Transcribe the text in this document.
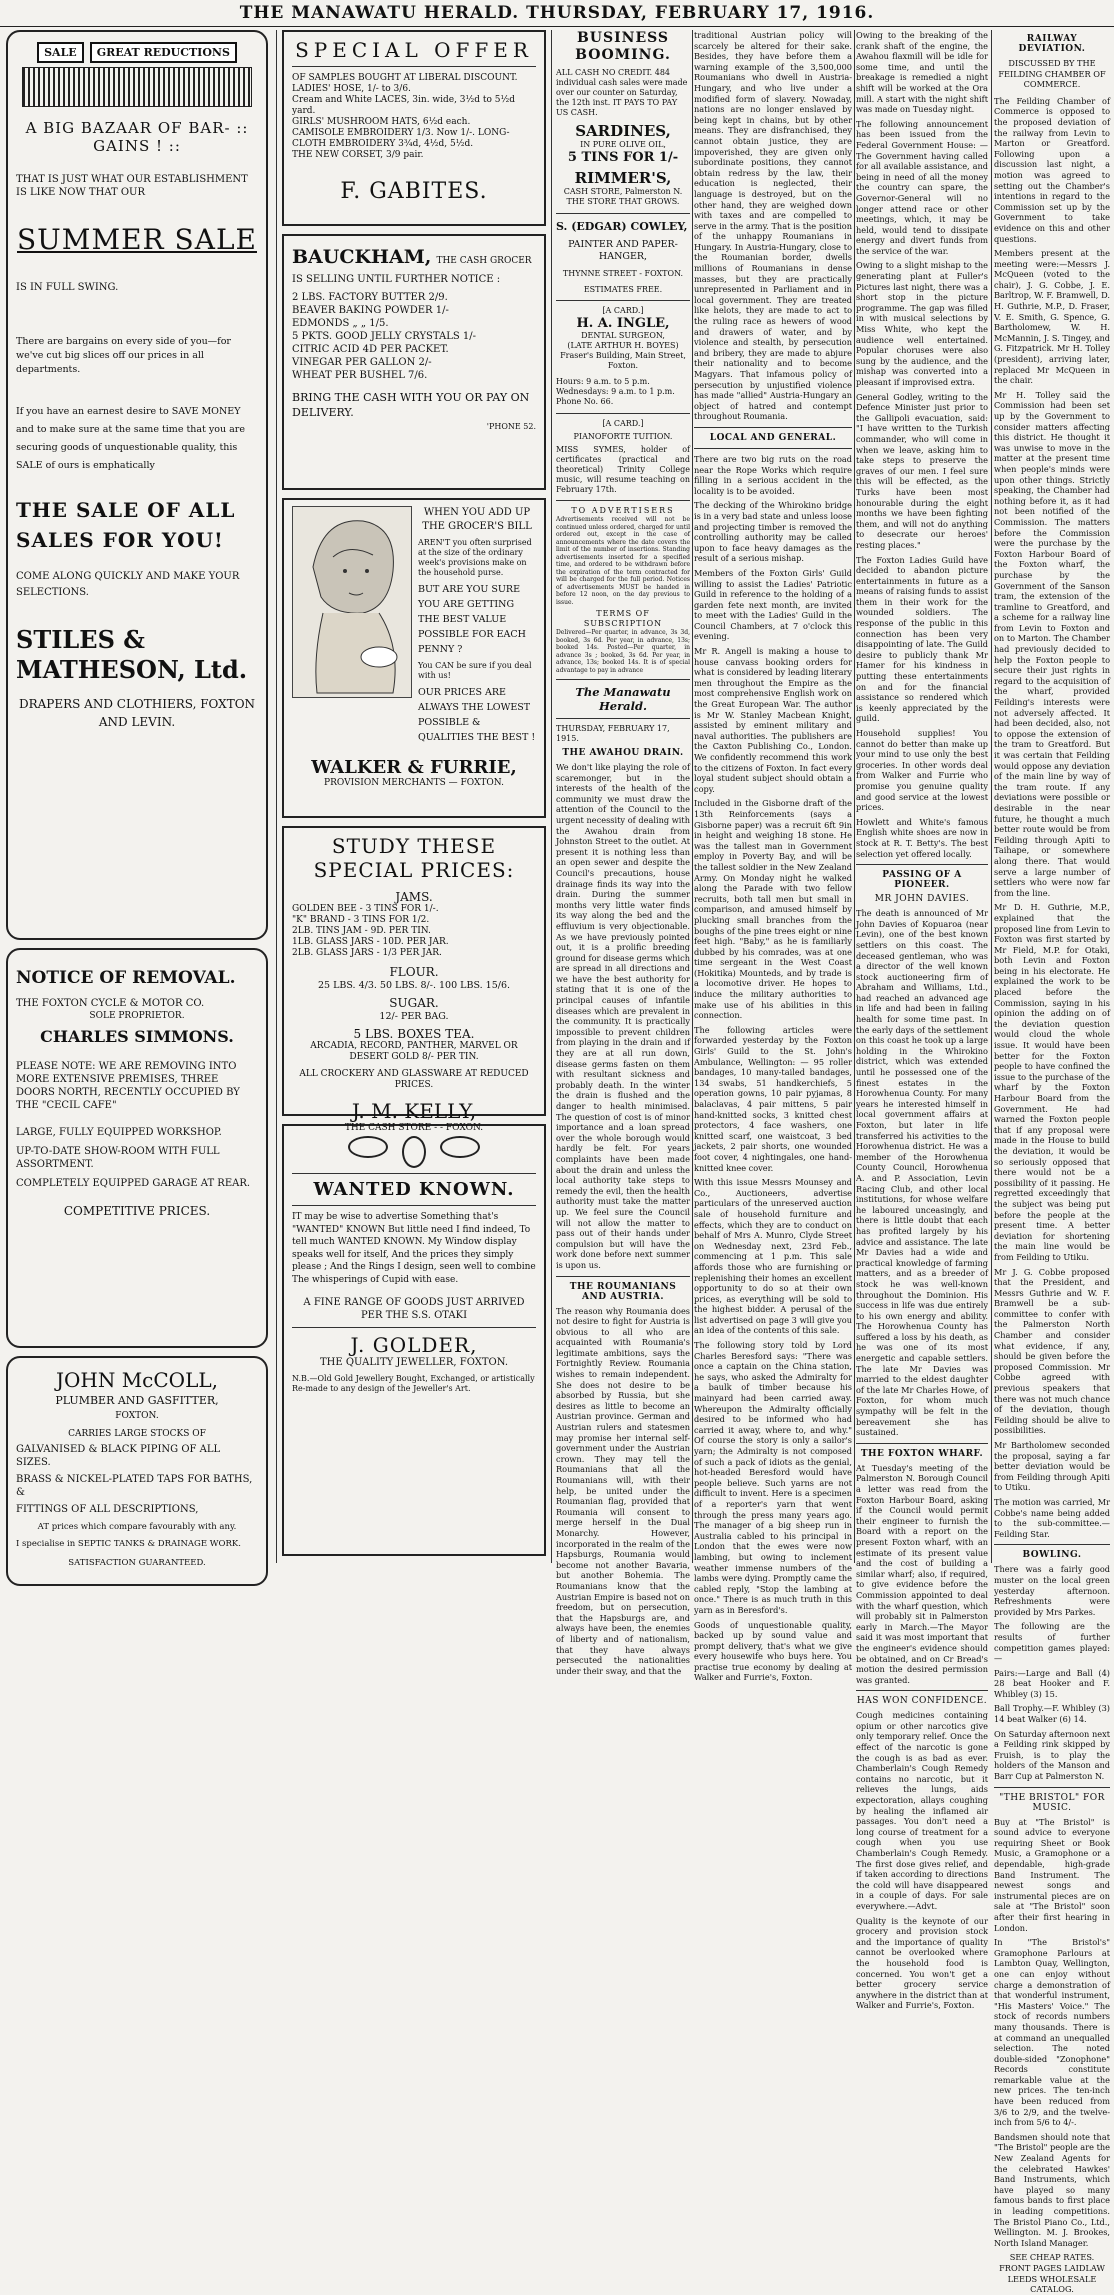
THE MANAWATU HERALD. THURSDAY, FEBRUARY 17, 1916.
SALE	GREAT REDUCTIONS
A BIG BAZAAR OF BAR- :: GAINS ! ::
THAT IS JUST WHAT OUR ESTABLISHMENT IS LIKE NOW THAT OUR
SUMMER SALE
IS IN FULL SWING.
There are bargains on every side of you—for we've cut big slices off our prices in all departments.
If you have an earnest desire to SAVE MONEY and to make sure at the same time that you are securing goods of unquestionable quality, this SALE of ours is emphatically
THE SALE OF ALL SALES FOR YOU!
COME ALONG QUICKLY AND MAKE YOUR SELECTIONS.
STILES & MATHESON, Ltd.
DRAPERS AND CLOTHIERS, FOXTON AND LEVIN.
NOTICE OF REMOVAL.
THE FOXTON CYCLE & MOTOR CO.
SOLE PROPRIETOR.
CHARLES SIMMONS.
PLEASE NOTE: WE ARE REMOVING INTO MORE EXTENSIVE PREMISES, THREE DOORS NORTH, RECENTLY OCCUPIED BY THE "CECIL CAFE"
LARGE, FULLY EQUIPPED WORKSHOP.
UP-TO-DATE SHOW-ROOM WITH FULL ASSORTMENT.
COMPLETELY EQUIPPED GARAGE AT REAR.
COMPETITIVE PRICES.
JOHN McCOLL,
PLUMBER AND GASFITTER,
FOXTON.
CARRIES LARGE STOCKS OF
GALVANISED & BLACK PIPING OF ALL SIZES.
BRASS & NICKEL-PLATED TAPS FOR BATHS, &
FITTINGS OF ALL DESCRIPTIONS,
AT prices which compare favourably with any.
I specialise in SEPTIC TANKS & DRAINAGE WORK.
SATISFACTION GUARANTEED.
SPECIAL OFFER
OF SAMPLES BOUGHT AT LIBERAL DISCOUNT.
LADIES' HOSE, 1/- to 3/6.
Cream and White LACES, 3in. wide, 3½d to 5½d yard.
GIRLS' MUSHROOM HATS, 6½d each.
CAMISOLE EMBROIDERY 1/3. Now 1/-. LONG-CLOTH EMBROIDERY 3¾d, 4½d, 5½d.
THE NEW CORSET, 3/9 pair.
F. GABITES.
BAUCKHAM, THE CASH GROCER
IS SELLING UNTIL FURTHER NOTICE :
2 LBS. FACTORY BUTTER 2/9.
BEAVER BAKING POWDER 1/-
EDMONDS „ „ 1/5.
5 PKTS. GOOD JELLY CRYSTALS 1/-
CITRIC ACID 4D PER PACKET.
VINEGAR PER GALLON 2/-
WHEAT PER BUSHEL 7/6.
BRING THE CASH WITH YOU OR PAY ON DELIVERY.
'PHONE 52.
WHEN YOU ADD UP THE GROCER'S BILL
AREN'T you often surprised at the size of the ordinary week's provisions make on the household purse.
BUT ARE YOU SURE YOU ARE GETTING THE BEST VALUE POSSIBLE FOR EACH PENNY ?
You CAN be sure if you deal with us!
OUR PRICES ARE ALWAYS THE LOWEST POSSIBLE & QUALITIES THE BEST !
WALKER & FURRIE,
PROVISION MERCHANTS — FOXTON.
STUDY THESE SPECIAL PRICES:
JAMS.
GOLDEN BEE - 3 TINS FOR 1/-.
"K" BRAND - 3 TINS FOR 1/2.
2LB. TINS JAM - 9D. PER TIN.
1LB. GLASS JARS - 10D. PER JAR.
2LB. GLASS JARS - 1/3 PER JAR.
FLOUR.
25 LBS. 4/3. 50 LBS. 8/-. 100 LBS. 15/6.
SUGAR.
12/- PER BAG.
5 LBS. BOXES TEA.
ARCADIA, RECORD, PANTHER, MARVEL OR DESERT GOLD 8/- PER TIN.
ALL CROCKERY AND GLASSWARE AT REDUCED PRICES.
J. M. KELLY,
THE CASH STORE - - FOXON.
WANTED KNOWN.
IT may be wise to advertise Something that's "WANTED" KNOWN But little need I find indeed, To tell much WANTED KNOWN. My Window display speaks well for itself, And the prices they simply please ; And the Rings I design, seen well to combine The whisperings of Cupid with ease.
A FINE RANGE OF GOODS JUST ARRIVED PER THE S.S. OTAKI
J. GOLDER,
THE QUALITY JEWELLER, FOXTON.
N.B.—Old Gold Jewellery Bought, Exchanged, or artistically Re-made to any design of the Jeweller's Art.
BUSINESS BOOMING.
ALL CASH NO CREDIT. 484 individual cash sales were made over our counter on Saturday, the 12th inst. IT PAYS TO PAY US CASH.
SARDINES,
IN PURE OLIVE OIL,
5 TINS FOR 1/-
RIMMER'S,
CASH STORE, Palmerston N.
THE STORE THAT GROWS.
S. (EDGAR) COWLEY,
PAINTER AND PAPER-HANGER,
THYNNE STREET - FOXTON.
ESTIMATES FREE.
[A CARD.]
H. A. INGLE,
DENTAL SURGEON,
(LATE ARTHUR H. BOYES)
Fraser's Building, Main Street, Foxton.
Hours: 9 a.m. to 5 p.m. Wednesdays: 9 a.m. to 1 p.m. Phone No. 66.
[A CARD.]
PIANOFORTE TUITION.
MISS SYMES, holder of certificates (practical and theoretical) Trinity College music, will resume teaching on February 17th.
TO ADVERTISERS
Advertisements received will not be continued unless ordered, charged for until ordered out, except in the case of announcements where the date covers the limit of the number of insertions. Standing advertisements inserted for a specified time, and ordered to be withdrawn before the expiration of the term contracted for will be charged for the full period. Notices of advertisements MUST be handed in before 12 noon, on the day previous to issue.
TERMS OF SUBSCRIPTION
Delivered—Per quarter, in advance, 3s 3d, booked, 3s 6d. Per year, in advance, 13s; booked 14s. Posted—Per quarter, in advance 3s ; booked, 3s 6d. Per year, in advance, 13s; booked 14s. It is of special advantage to pay in advance
The Manawatu Herald.
THURSDAY, FEBRUARY 17, 1915.
THE AWAHOU DRAIN.

We don't like playing the role of scaremonger, but in the interests of the health of the community we must draw the attention of the Council to the urgent necessity of dealing with the Awahou drain from Johnston Street to the outlet. At present it is nothing less than an open sewer and despite the Council's precautions, house drainage finds its way into the drain. During the summer months very little water finds its way along the bed and the effluvium is very objectionable. As we have previously pointed out, it is a prolific breeding ground for disease germs which are spread in all directions and we have the best authority for stating that it is one of the principal causes of infantile diseases which are prevalent in the community. It is practically impossible to prevent children from playing in the drain and if they are at all run down, disease germs fasten on them with resultant sickness and probably death. In the winter the drain is flushed and the danger to health minimised. The question of cost is of minor importance and a loan spread over the whole borough would hardly be felt. For years complaints have been made about the drain and unless the local authority take steps to remedy the evil, then the health authority must take the matter up. We feel sure the Council will not allow the matter to pass out of their hands under compulsion but will have the work done before next summer is upon us.

THE ROUMANIANS AND AUSTRIA.

The reason why Roumania does not desire to fight for Austria is obvious to all who are acquainted with Roumania's legitimate ambitions, says the Fortnightly Review. Roumania wishes to remain independent. She does not desire to be absorbed by Russia, but she desires as little to become an Austrian province. German and Austrian rulers and statesmen may promise her internal self-government under the Austrian crown. They may tell the Roumanians that all the Roumanians will, with their help, be united under the Roumanian flag, provided that Roumania will consent to merge herself in the Dual Monarchy. However, incorporated in the realm of the Hapsburgs, Roumania would become not another Bavaria, but another Bohemia. The Roumanians know that the Austrian Empire is based not on freedom, but on persecution, that the Hapsburgs are, and always have been, the enemies of liberty and of nationalism, that they have always persecuted the nationalities under their sway, and that the

traditional Austrian policy will scarcely be altered for their sake. Besides, they have before them a warning example of the 3,500,000 Roumanians who dwell in Austria-Hungary, and who live under a modified form of slavery. Nowaday, nations are no longer enslaved by being kept in chains, but by other means. They are disfranchised, they cannot obtain justice, they are impoverished, they are given only subordinate positions, they cannot obtain redress by the law, their education is neglected, their language is destroyed, but on the other hand, they are weighed down with taxes and are compelled to serve in the army. That is the position of the unhappy Roumanians in Hungary. In Austria-Hungary, close to the Roumanian border, dwells millions of Roumanians in dense masses, but they are practically unrepresented in Parliament and in local government. They are treated like helots, they are made to act to the ruling race as hewers of wood and drawers of water, and by violence and stealth, by persecution and bribery, they are made to abjure their nationality and to become Magyars. That infamous policy of persecution by unjustified violence has made "allied" Austria-Hungary an object of hatred and contempt throughout Roumania.

LOCAL AND GENERAL.

There are two big ruts on the road near the Rope Works which require filling in a serious accident in the locality is to be avoided.

The decking of the Whirokino bridge is in a very bad state and unless loose and projecting timber is removed the controlling authority may be called upon to face heavy damages as the result of a serious mishap.

Members of the Foxton Girls' Guild willing to assist the Ladies' Patriotic Guild in reference to the holding of a garden fete next month, are invited to meet with the Ladies' Guild in the Council Chambers, at 7 o'clock this evening.

Mr R. Angell is making a house to house canvass booking orders for what is considered by leading literary men throughout the Empire as the most comprehensive English work on the Great European War. The author is Mr W. Stanley Macbean Knight, assisted by eminent military and naval authorities. The publishers are the Caxton Publishing Co., London. We confidently recommend this work to the citizens of Foxton. In fact every loyal student subject should obtain a copy.

Included in the Gisborne draft of the 13th Reinforcements (says a Gisborne paper) was a recruit 6ft 9in in height and weighing 18 stone. He was the tallest man in Government employ in Poverty Bay, and will be the tallest soldier in the New Zealand Army. On Monday night he walked along the Parade with two fellow recruits, both tall men but small in comparison, and amused himself by plucking small branches from the boughs of the pine trees eight or nine feet high. "Baby," as he is familiarly dubbed by his comrades, was at one time sergeant in the West Coast (Hokitika) Mounteds, and by trade is a locomotive driver. He hopes to induce the military authorities to make use of his abilities in this connection.

The following articles were forwarded yesterday by the Foxton Girls' Guild to the St. John's Ambulance, Wellington: — 95 roller bandages, 10 many-tailed bandages, 134 swabs, 51 handkerchiefs, 5 operation gowns, 10 pair pyjamas, 8 balaclavas, 4 pair mittens, 5 pair hand-knitted socks, 3 knitted chest protectors, 4 face washers, one knitted scarf, one waistcoat, 3 bed jackets, 2 pair shorts, one wounded foot cover, 4 nightingales, one hand-knitted knee cover.

With this issue Messrs Mounsey and Co., Auctioneers, advertise particulars of the unreserved auction sale of household furniture and effects, which they are to conduct on behalf of Mrs A. Munro, Clyde Street on Wednesday next, 23rd Feb., commencing at 1 p.m. This sale affords those who are furnishing or replenishing their homes an excellent opportunity to do so at their own prices, as everything will be sold to the highest bidder. A perusal of the list advertised on page 3 will give you an idea of the contents of this sale.

The following story told by Lord Charles Beresford says: "There was once a captain on the China station, he says, who asked the Admiralty for a baulk of timber because his mainyard had been carried away. Whereupon the Admiralty officially desired to be informed who had carried it away, where to, and why." Of course the story is only a sailor's yarn; the Admiralty is not composed of such a pack of idiots as the genial, hot-headed Beresford would have people believe. Such yarns are not difficult to invent. Here is a specimen of a reporter's yarn that went through the press many years ago. The manager of a big sheep run in Australia cabled to his principal in London that the ewes were now lambing, but owing to inclement weather immense numbers of the lambs were dying. Promptly came the cabled reply, "Stop the lambing at once." There is as much truth in this yarn as in Beresford's.

Goods of unquestionable quality, backed up by sound value and prompt delivery, that's what we give every housewife who buys here. You practise true economy by dealing at Walker and Furrie's, Foxton.

Owing to the breaking of the crank shaft of the engine, the Awahou flaxmill will be idle for some time, and until the breakage is remedied a night shift will be worked at the Ora mill. A start with the night shift was made on Tuesday night.

The following announcement has been issued from the Federal Government House: — The Government having called for all available assistance, and being in need of all the money the country can spare, the Governor-General will no longer attend race or other meetings, which, it may be held, would tend to dissipate energy and divert funds from the service of the war.

Owing to a slight mishap to the generating plant at Fuller's Pictures last night, there was a short stop in the picture programme. The gap was filled in with musical selections by Miss White, who kept the audience well entertained. Popular choruses were also sung by the audience, and the mishap was converted into a pleasant if improvised extra.

General Godley, writing to the Defence Minister just prior to the Gallipoli evacuation, said: "I have written to the Turkish commander, who will come in when we leave, asking him to take steps to preserve the graves of our men. I feel sure this will be effected, as the Turks have been most honourable during the eight months we have been fighting them, and will not do anything to desecrate our heroes' resting places."

The Foxton Ladies Guild have decided to abandon picture entertainments in future as a means of raising funds to assist them in their work for the wounded soldiers. The response of the public in this connection has been very disappointing of late. The Guild desire to publicly thank Mr Hamer for his kindness in putting these entertainments on and for the financial assistance so rendered which is keenly appreciated by the guild.

Household supplies! You cannot do better than make up your mind to use only the best groceries. In other words deal from Walker and Furrie who promise you genuine quality and good service at the lowest prices.

Howlett and White's famous English white shoes are now in stock at R. T. Betty's. The best selection yet offered locally.

PASSING OF A PIONEER.
MR JOHN DAVIES.

The death is announced of Mr John Davies of Kopuaroa (near Levin), one of the best known settlers on this coast. The deceased gentleman, who was a director of the well known stock auctioneering firm of Abraham and Williams, Ltd., had reached an advanced age in life and had been in failing health for some time past. In the early days of the settlement on this coast he took up a large holding in the Whirokino district, which was extended until he possessed one of the finest estates in the Horowhenua County. For many years he interested himself in local government affairs at Foxton, but later in life transferred his activities to the Horowhenua district. He was a member of the Horowhenua County Council, Horowhenua A. and P. Association, Levin Racing Club, and other local institutions, for whose welfare he laboured unceasingly, and there is little doubt that each has profited largely by his advice and assistance. The late Mr Davies had a wide and practical knowledge of farming matters, and as a breeder of stock he was well-known throughout the Dominion. His success in life was due entirely to his own energy and ability. The Horowhenua County has suffered a loss by his death, as he was one of its most energetic and capable settlers. The late Mr Davies was married to the eldest daughter of the late Mr Charles Howe, of Foxton, for whom much sympathy will be felt in the bereavement she has sustained.

THE FOXTON WHARF.

At Tuesday's meeting of the Palmerston N. Borough Council a letter was read from the Foxton Harbour Board, asking if the Council would permit their engineer to furnish the Board with a report on the present Foxton wharf, with an estimate of its present value and the cost of building a similar wharf; also, if required, to give evidence before the Commission appointed to deal with the wharf question, which will probably sit in Palmerston early in March.—The Mayor said it was most important that the engineer's evidence should be obtained, and on Cr Bread's motion the desired permission was granted.

HAS WON CONFIDENCE.

Cough medicines containing opium or other narcotics give only temporary relief. Once the effect of the narcotic is gone the cough is as bad as ever. Chamberlain's Cough Remedy contains no narcotic, but it relieves the lungs, aids expectoration, allays coughing by healing the inflamed air passages. You don't need a long course of treatment for a cough when you use Chamberlain's Cough Remedy. The first dose gives relief, and if taken according to directions the cold will have disappeared in a couple of days. For sale everywhere.—Advt.

Quality is the keynote of our grocery and provision stock and the importance of quality cannot be overlooked where the household food is concerned. You won't get a better grocery service anywhere in the district than at Walker and Furrie's, Foxton.

RAILWAY DEVIATION.
DISCUSSED BY THE FEILDING CHAMBER OF COMMERCE.

The Feilding Chamber of Commerce is opposed to the proposed deviation of the railway from Levin to Marton or Greatford. Following upon a discussion last night, a motion was agreed to setting out the Chamber's intentions in regard to the Commission set up by the Government to take evidence on this and other questions.

Members present at the meeting were:—Messrs J. McQueen (voted to the chair), J. G. Cobbe, J. E. Barltrop, W. F. Bramwell, D. H. Guthrie, M.P., D. Fraser, V. E. Smith, G. Spence, G. Bartholomew, W. H. McMannin, J. S. Tingey, and G. Fitzpatrick. Mr H. Tolley (president), arriving later, replaced Mr McQueen in the chair.

Mr H. Tolley said the Commission had been set up by the Government to consider matters affecting this district. He thought it was unwise to move in the matter at the present time when people's minds were upon other things. Strictly speaking, the Chamber had nothing before it, as it had not been notified of the Commission. The matters before the Commission were the purchase by the Foxton Harbour Board of the Foxton wharf, the purchase by the Government of the Sanson tram, the extension of the tramline to Greatford, and a scheme for a railway line from Levin to Foxton and on to Marton. The Chamber had previously decided to help the Foxton people to secure their just rights in regard to the acquisition of the wharf, provided Feilding's interests were not adversely affected. It had been decided, also, not to oppose the extension of the tram to Greatford. But it was certain that Feilding would oppose any deviation of the main line by way of the tram route. If any deviations were possible or desirable in the near future, he thought a much better route would be from Feilding through Apiti to Taihape, or somewhere along there. That would serve a large number of settlers who were now far from the line.

Mr D. H. Guthrie, M.P., explained that the proposed line from Levin to Foxton was first started by Mr Field, M.P. for Otaki, both Levin and Foxton being in his electorate. He explained the work to be placed before the Commission, saying in his opinion the adding on of the deviation question would cloud the whole issue. It would have been better for the Foxton people to have confined the issue to the purchase of the wharf by the Foxton Harbour Board from the Government. He had warned the Foxton people that if any proposal were made in the House to build the deviation, it would be so seriously opposed that there would not be a possibility of it passing. He regretted exceedingly that the subject was being put before the people at the present time. A better deviation for shortening the main line would be from Feilding to Utiku.

Mr J. G. Cobbe proposed that the President, and Messrs Guthrie and W. F. Bramwell be a sub-committee to confer with the Palmerston North Chamber and consider what evidence, if any, should be given before the proposed Commission. Mr Cobbe agreed with previous speakers that there was not much chance of the deviation, though Feilding should be alive to possibilities.

Mr Bartholomew seconded the proposal, saying a far better deviation would be from Feilding through Apiti to Utiku.

The motion was carried, Mr Cobbe's name being added to the sub-committee.—Feilding Star.

BOWLING.

There was a fairly good muster on the local green yesterday afternoon. Refreshments were provided by Mrs Parkes.

The following are the results of further competition games played:—

Pairs:—Large and Ball (4) 28 beat Hooker and F. Whibley (3) 15.

Ball Trophy.—F. Whibley (3) 14 beat Walker (6) 14.

On Saturday afternoon next a Feilding rink skipped by Fruish, is to play the holders of the Manson and Barr Cup at Palmerston N.

"THE BRISTOL" FOR MUSIC.

Buy at "The Bristol" is sound advice to everyone requiring Sheet or Book Music, a Gramophone or a dependable, high-grade Band Instrument. The newest songs and instrumental pieces are on sale at "The Bristol" soon after their first hearing in London.

In "The Bristol's" Gramophone Parlours at Lambton Quay, Wellington, one can enjoy without charge a demonstration of that wonderful instrument, "His Masters' Voice." The stock of records numbers many thousands. There is at command an unequalled selection. The noted double-sided "Zonophone" Records constitute remarkable value at the new prices. The ten-inch have been reduced from 3/6 to 2/9, and the twelve-inch from 5/6 to 4/-.

Bandsmen should note that "The Bristol" people are the New Zealand Agents for the celebrated Hawkes' Band Instruments, which have played so many famous bands to first place in leading competitions. The Bristol Piano Co., Ltd., Wellington. M. J. Brookes, North Island Manager.

SEE CHEAP RATES. FRONT PAGES LAIDLAW LEEDS WHOLESALE CATALOG.
